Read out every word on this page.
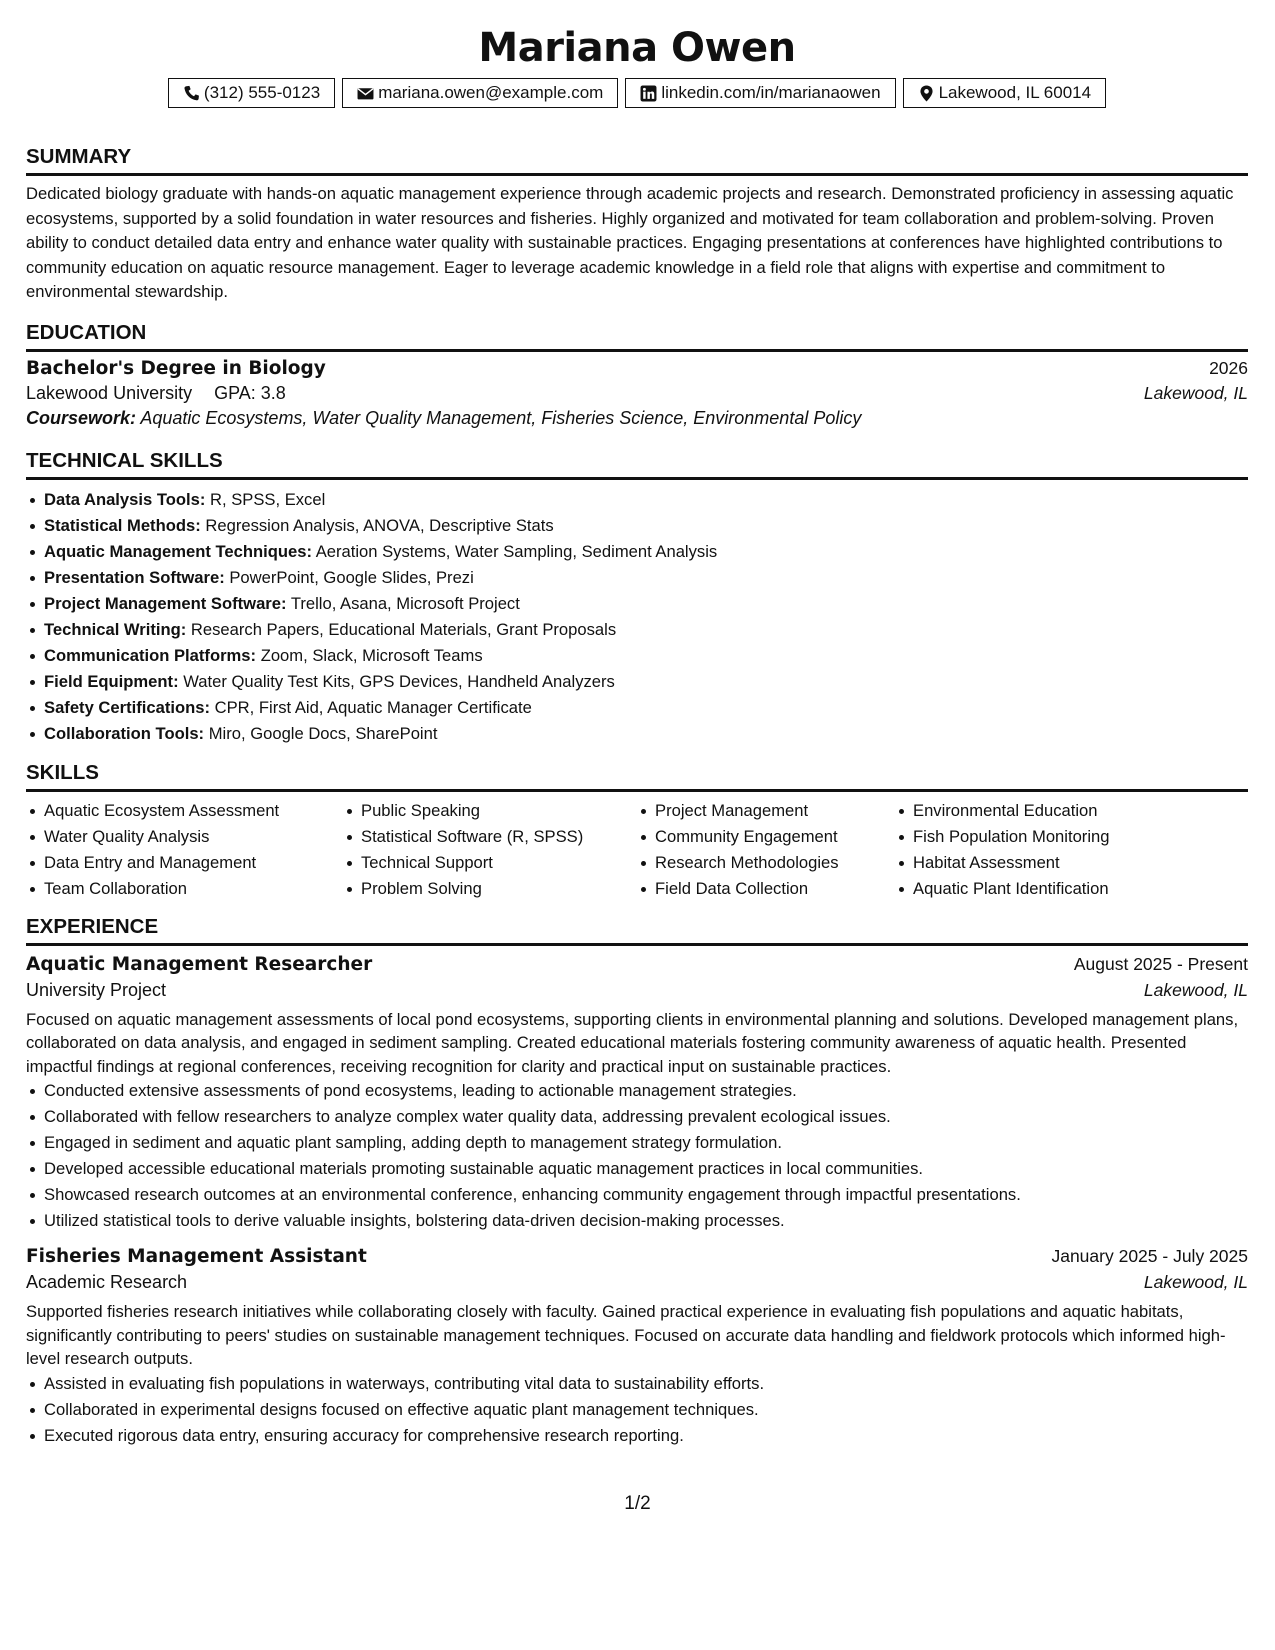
Mariana Owen
(312) 555-0123	mariana.owen@example.com	linkedin.com/in/marianaowen	Lakewood, IL 60014
SUMMARY

Dedicated biology graduate with hands-on aquatic management experience through academic projects and research. Demonstrated proficiency in assessing aquatic ecosystems, supported by a solid foundation in water resources and fisheries. Highly organized and motivated for team collaboration and problem-solving. Proven ability to conduct detailed data entry and enhance water quality with sustainable practices. Engaging presentations at conferences have highlighted contributions to community education on aquatic resource management. Eager to leverage academic knowledge in a field role that aligns with expertise and commitment to environmental stewardship.

EDUCATION
Bachelor's Degree in Biology	2026
Lakewood University GPA: 3.8	Lakewood, IL
Coursework: Aquatic Ecosystems, Water Quality Management, Fisheries Science, Environmental Policy
TECHNICAL SKILLS
Data Analysis Tools: R, SPSS, Excel
Statistical Methods: Regression Analysis, ANOVA, Descriptive Stats
Aquatic Management Techniques: Aeration Systems, Water Sampling, Sediment Analysis
Presentation Software: PowerPoint, Google Slides, Prezi
Project Management Software: Trello, Asana, Microsoft Project
Technical Writing: Research Papers, Educational Materials, Grant Proposals
Communication Platforms: Zoom, Slack, Microsoft Teams
Field Equipment: Water Quality Test Kits, GPS Devices, Handheld Analyzers
Safety Certifications: CPR, First Aid, Aquatic Manager Certificate
Collaboration Tools: Miro, Google Docs, SharePoint
SKILLS
Aquatic Ecosystem Assessment
Water Quality Analysis
Data Entry and Management
Team Collaboration
Public Speaking
Statistical Software (R, SPSS)
Technical Support
Problem Solving
Project Management
Community Engagement
Research Methodologies
Field Data Collection
Environmental Education
Fish Population Monitoring
Habitat Assessment
Aquatic Plant Identification
EXPERIENCE
Aquatic Management Researcher	August 2025 - Present
University Project	Lakewood, IL

Focused on aquatic management assessments of local pond ecosystems, supporting clients in environmental planning and solutions. Developed management plans, collaborated on data analysis, and engaged in sediment sampling. Created educational materials fostering community awareness of aquatic health. Presented impactful findings at regional conferences, receiving recognition for clarity and practical input on sustainable practices.

Conducted extensive assessments of pond ecosystems, leading to actionable management strategies.
Collaborated with fellow researchers to analyze complex water quality data, addressing prevalent ecological issues.
Engaged in sediment and aquatic plant sampling, adding depth to management strategy formulation.
Developed accessible educational materials promoting sustainable aquatic management practices in local communities.
Showcased research outcomes at an environmental conference, enhancing community engagement through impactful presentations.
Utilized statistical tools to derive valuable insights, bolstering data-driven decision-making processes.
Fisheries Management Assistant	January 2025 - July 2025
Academic Research	Lakewood, IL

Supported fisheries research initiatives while collaborating closely with faculty. Gained practical experience in evaluating fish populations and aquatic habitats, significantly contributing to peers' studies on sustainable management techniques. Focused on accurate data handling and fieldwork protocols which informed high-level research outputs.

Assisted in evaluating fish populations in waterways, contributing vital data to sustainability efforts.
Collaborated in experimental designs focused on effective aquatic plant management techniques.
Executed rigorous data entry, ensuring accuracy for comprehensive research reporting.
1/2
